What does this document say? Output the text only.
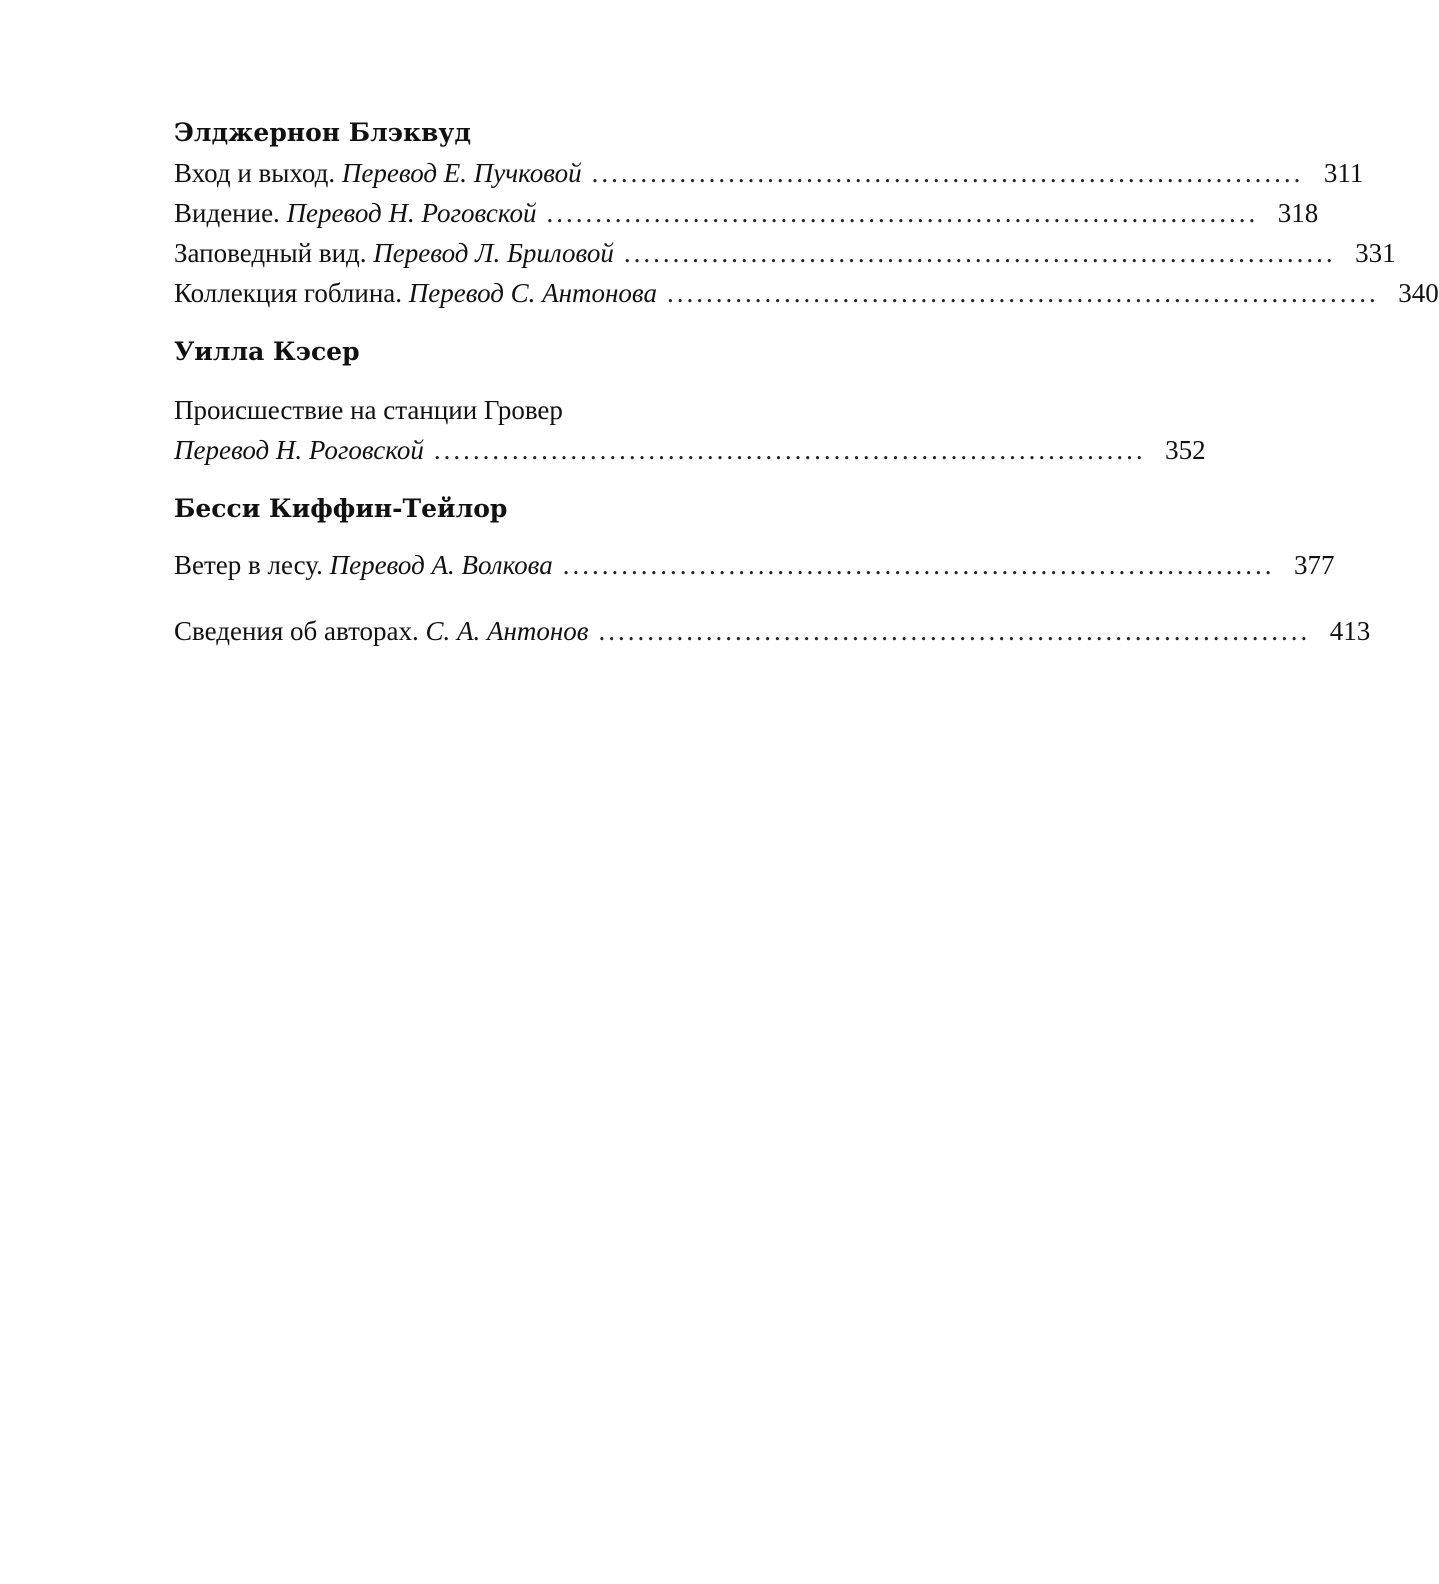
Элджернон Блэквуд
Вход и выход. Перевод Е. Пучковой ......................................................................... 311
Видение. Перевод Н. Роговской ......................................................................... 318
Заповедный вид. Перевод Л. Бриловой ......................................................................... 331
Коллекция гоблина. Перевод С. Антонова ......................................................................... 340
Уилла Кэсер
Происшествие на станции Гровер
Перевод Н. Роговской ......................................................................... 352
Бесси Киффин-Тейлор
Ветер в лесу. Перевод А. Волкова ......................................................................... 377
Сведения об авторах. С. А. Антонов ......................................................................... 413
